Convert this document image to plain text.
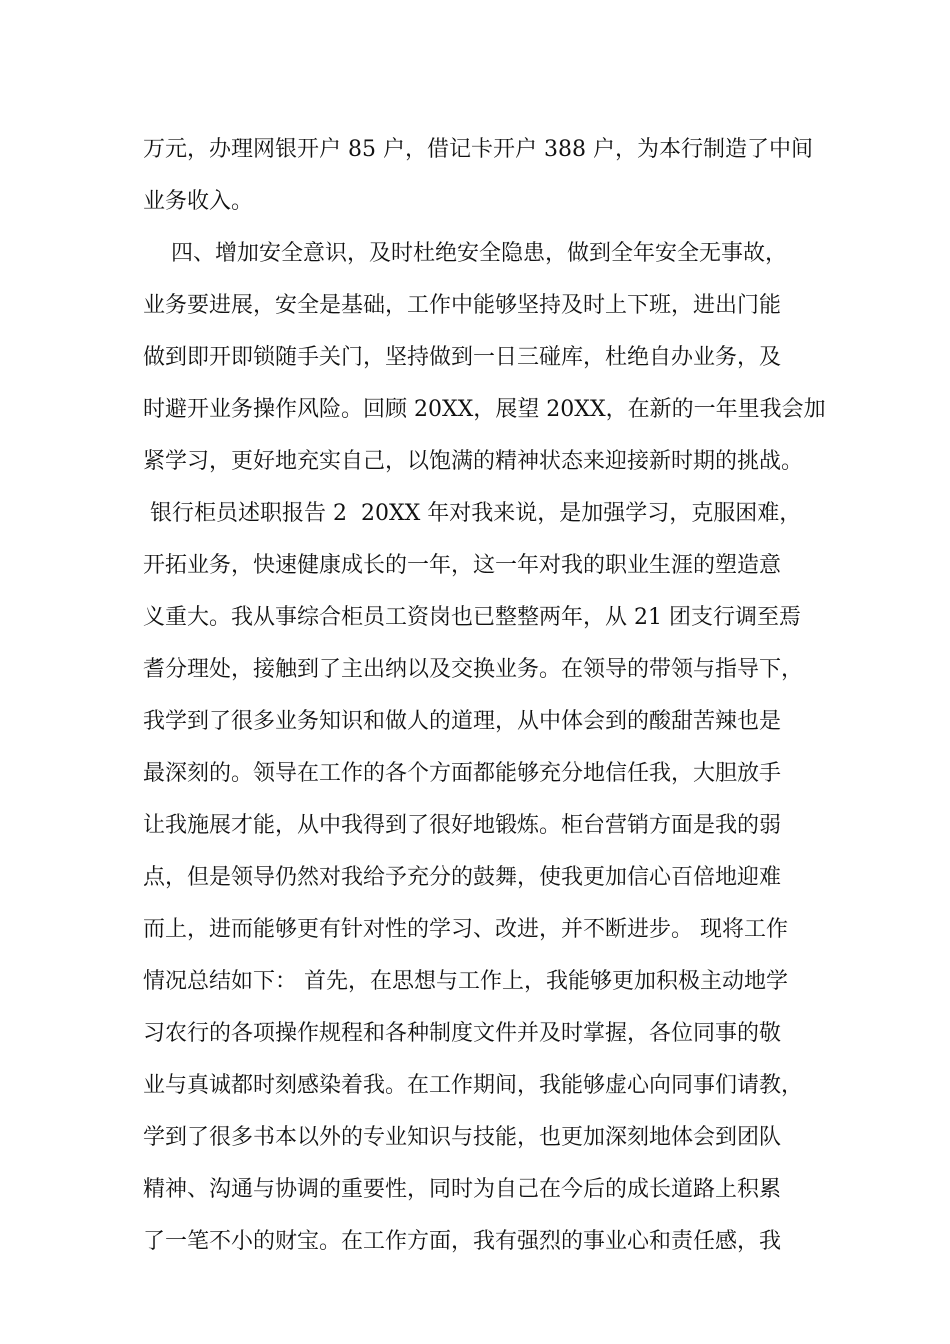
万元，办理网银开户 85 户，借记卡开户 388 户，为本行制造了中间
业务收入。
四、增加安全意识，及时杜绝安全隐患，做到全年安全无事故，
业务要进展，安全是基础，工作中能够坚持及时上下班，进出门能
做到即开即锁随手关门，坚持做到一日三碰库，杜绝自办业务，及
时避开业务操作风险。回顾 20XX，展望 20XX，在新的一年里我会加
紧学习，更好地充实自己，以饱满的精神状态来迎接新时期的挑战。
银行柜员述职报告 2  20XX 年对我来说，是加强学习，克服困难，
开拓业务，快速健康成长的一年，这一年对我的职业生涯的塑造意
义重大。我从事综合柜员工资岗也已整整两年，从 21 团支行调至焉
耆分理处，接触到了主出纳以及交换业务。在领导的带领与指导下，
我学到了很多业务知识和做人的道理，从中体会到的酸甜苦辣也是
最深刻的。领导在工作的各个方面都能够充分地信任我，大胆放手
让我施展才能，从中我得到了很好地锻炼。柜台营销方面是我的弱
点，但是领导仍然对我给予充分的鼓舞，使我更加信心百倍地迎难
而上，进而能够更有针对性的学习、改进，并不断进步。 现将工作
情况总结如下： 首先，在思想与工作上，我能够更加积极主动地学
习农行的各项操作规程和各种制度文件并及时掌握，各位同事的敬
业与真诚都时刻感染着我。在工作期间，我能够虚心向同事们请教，
学到了很多书本以外的专业知识与技能，也更加深刻地体会到团队
精神、沟通与协调的重要性，同时为自己在今后的成长道路上积累
了一笔不小的财宝。在工作方面，我有强烈的事业心和责任感，我
